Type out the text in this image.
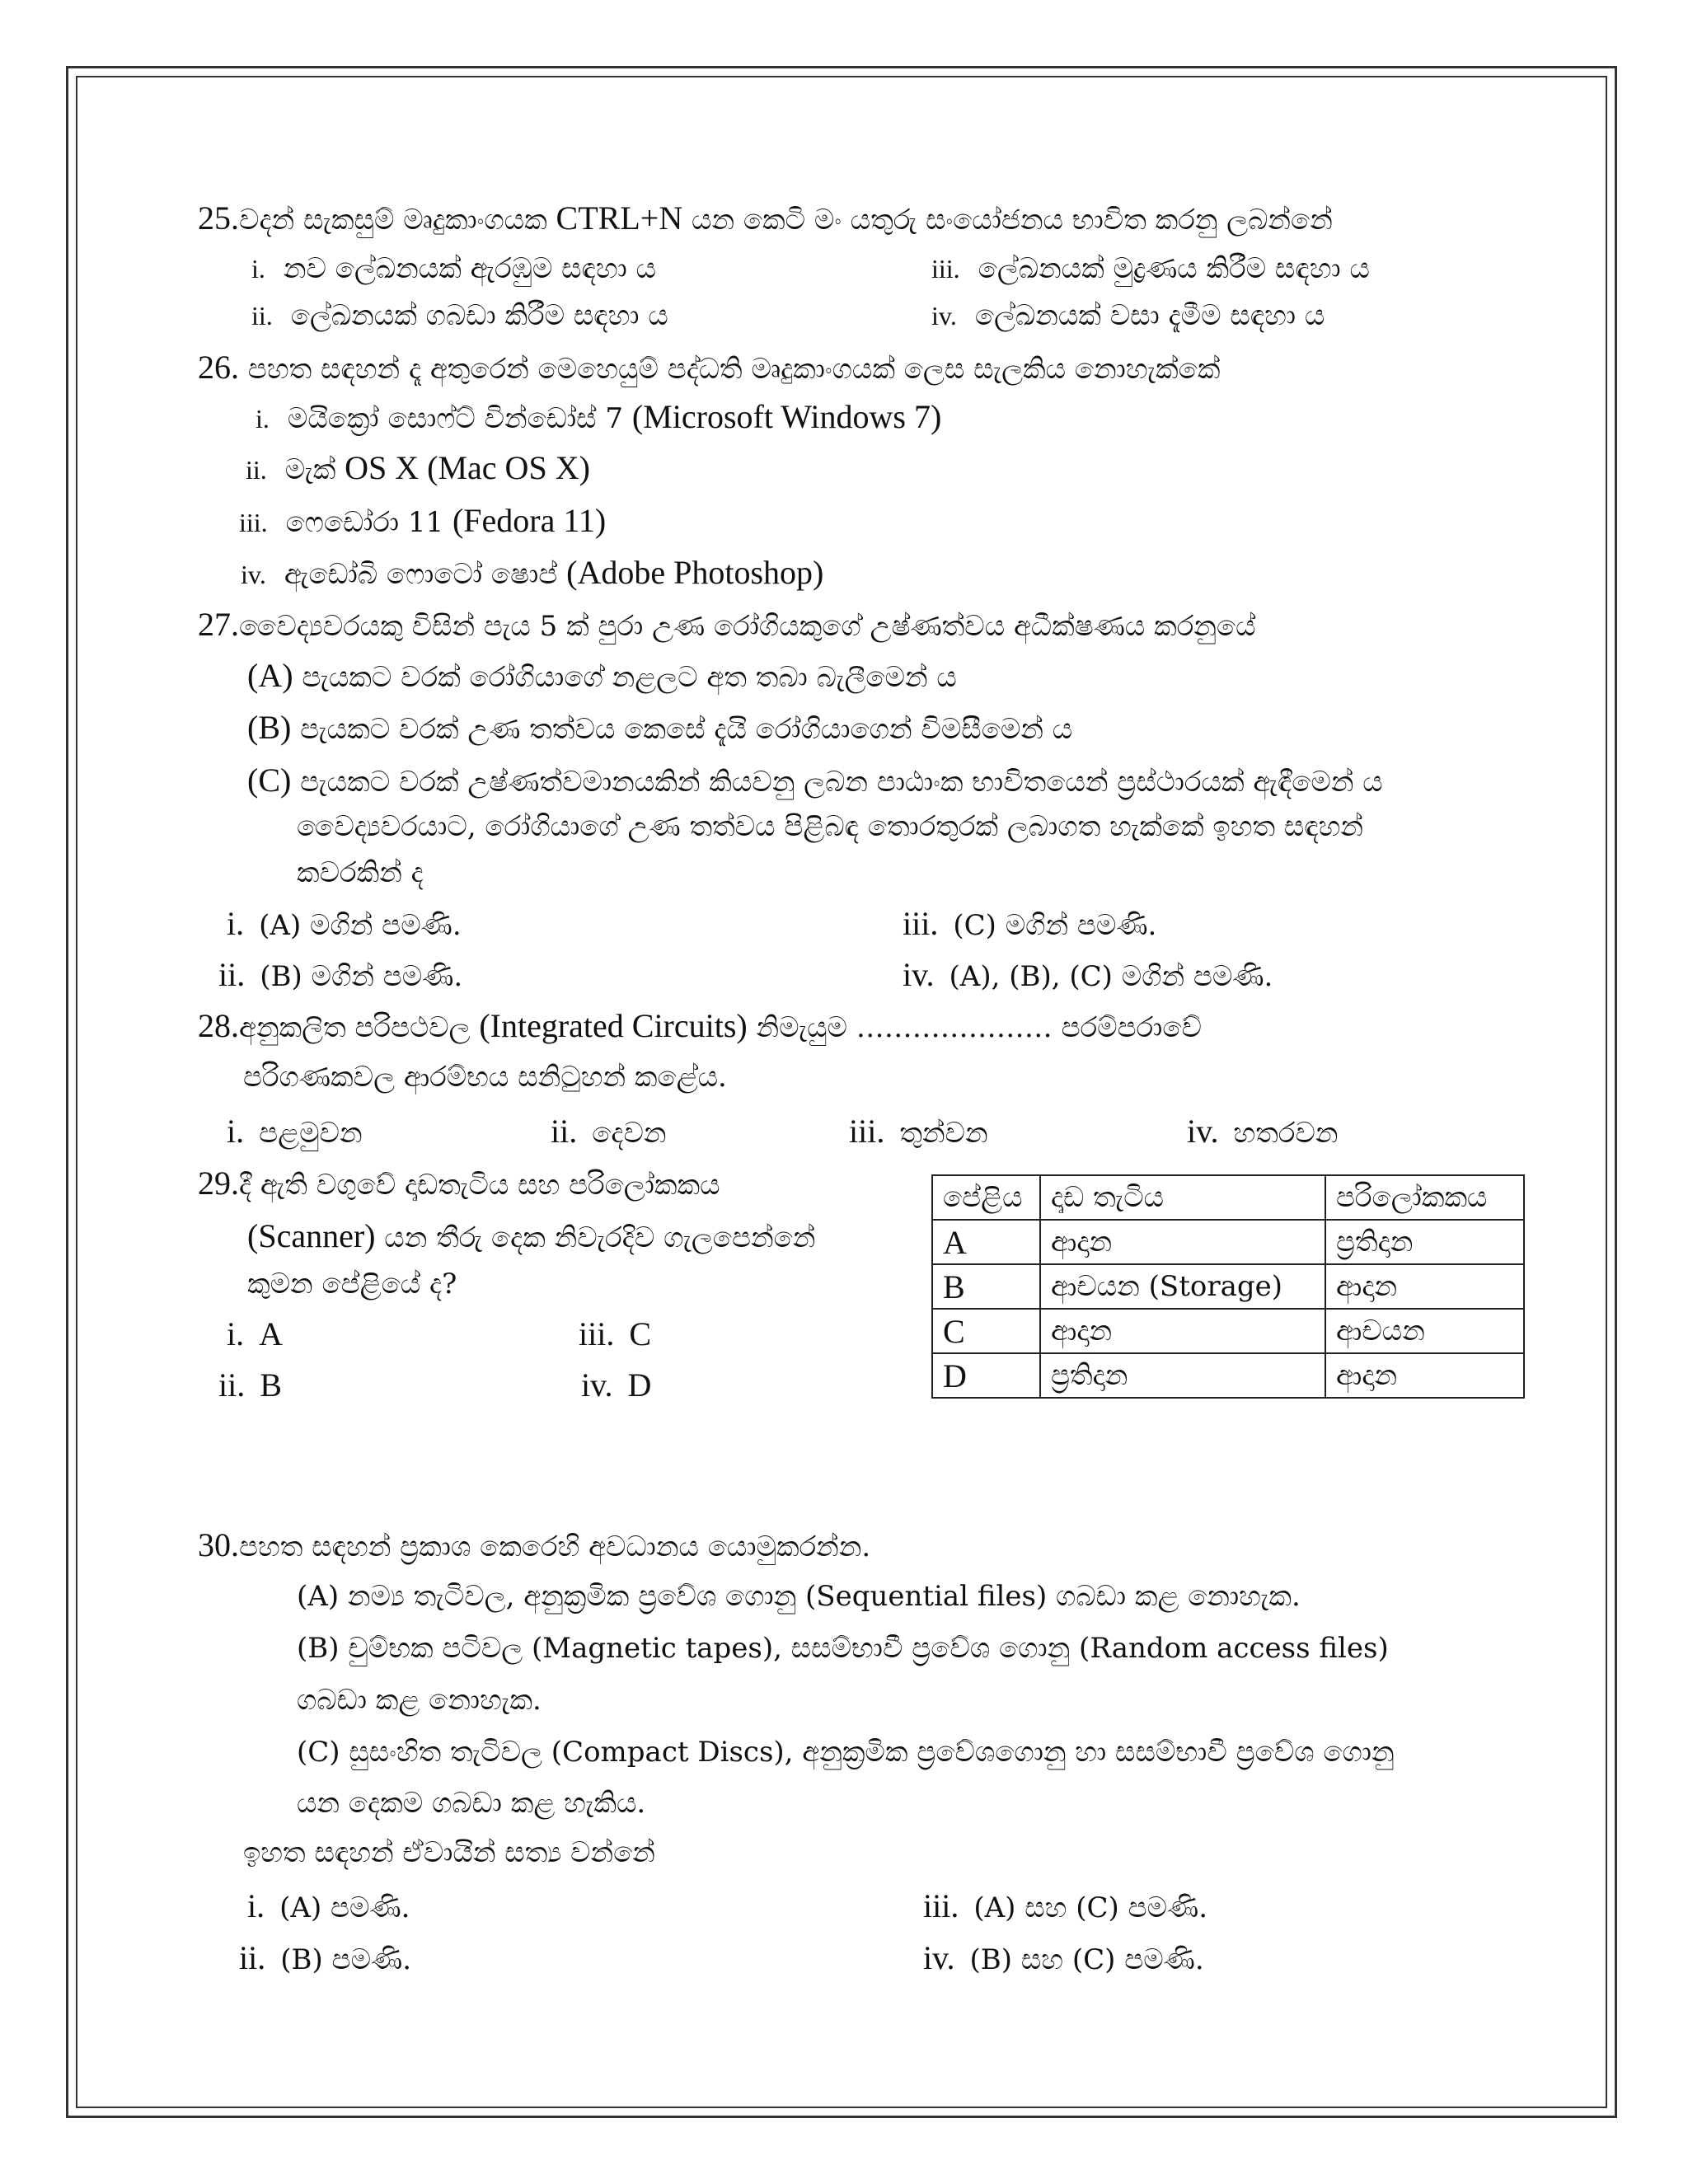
25.වදන් සැකසුම් මෘදුකාංගයක CTRL+N යන කෙටි මං යතුරු සංයෝජනය භාවිත කරනු ලබන්නේ
i. නව ලේඛනයක් ඇරඹුම සඳහා ය
ii. ලේඛනයක් ගබඩා කිරීම සඳහා ය
iii. ලේඛනයක් මුද්‍රණය කිරීම සඳහා ය
iv. ලේඛනයක් වසා දැමීම සඳහා ය
26. පහත සඳහන් දෑ අතුරෙන් මෙහෙයුම් පද්ධති මෘදුකාංගයක් ලෙස සැලකිය නොහැක්කේ
i. මයික්‍රෝ සොෆ්ට් වින්ඩෝස් 7 (Microsoft Windows 7)
ii. මැක් OS X (Mac OS X)
iii. ෆෙඩෝරා 11 (Fedora 11)
iv. ඇඩෝබි ෆොටෝ ෂොප් (Adobe Photoshop)
27.වෛද්‍යවරයකු විසින් පැය 5 ක් පුරා උණ රෝගියකුගේ උෂ්ණත්වය අධීක්ෂණය කරනුයේ
(A) පැයකට වරක් රෝගියාගේ නළලට අත තබා බැලීමෙන් ය
(B) පැයකට වරක් උණ තත්වය කෙසේ දැයි රෝගියාගෙන් විමසීමෙන් ය
(C) පැයකට වරක් උෂ්ණත්වමානයකින් කියවනු ලබන පාඨාංක භාවිතයෙන් ප්‍රස්ථාරයක් ඇඳීමෙන් ය
වෛද්‍යවරයාට, රෝගියාගේ උණ තත්වය පිළිබඳ තොරතුරක් ලබාගත හැක්කේ ඉහත සඳහන්
කවරකින් ද
i. (A) මගින් පමණි.
ii. (B) මගින් පමණි.
iii. (C) මගින් පමණි.
iv. (A), (B), (C) මගින් පමණි.
28.අනුකලිත පරිපථවල (Integrated Circuits) නිමැයුම ………………… පරම්පරාවේ
පරිගණකවල ආරම්භය සනිටුහන් කළේය.
i. පළමුවන	ii. දෙවන	iii. තුන්වන	iv. හතරවන
29.දී ඇති වගුවේ දෘඩතැටිය සහ පරිලෝකකය
(Scanner) යන තීරු දෙක නිවැරදිව ගැලපෙන්නේ
කුමන පේළියේ ද?
i. A
ii. B
iii. C
iv. D
පේළිය	දෘඩ තැටිය	පරිලෝකකය
A	ආදාන	ප්‍රතිදාන
B	ආචයන (Storage)	ආදාන
C	ආදාන	ආචයන
D	ප්‍රතිදාන	ආදාන
30.පහත සඳහන් ප්‍රකාශ කෙරෙහි අවධානය යොමුකරන්න.
(A) නම්‍ය තැටිවල, අනුක්‍රමික ප්‍රවේශ ගොනු (Sequential files) ගබඩා කළ නොහැක.
(B) චුම්භක පටිවල (Magnetic tapes), සසම්භාවී ප්‍රවේශ ගොනු (Random access files)
ගබඩා කළ නොහැක.
(C) සුසංහිත තැටිවල (Compact Discs), අනුක්‍රමික ප්‍රවේශගොනු හා සසම්භාවී ප්‍රවේශ ගොනු
යන දෙකම ගබඩා කළ හැකිය.
ඉහත සඳහන් ඒවායින් සත්‍ය වන්නේ
i. (A) පමණි.
ii. (B) පමණි.
iii. (A) සහ (C) පමණි.
iv. (B) සහ (C) පමණි.
